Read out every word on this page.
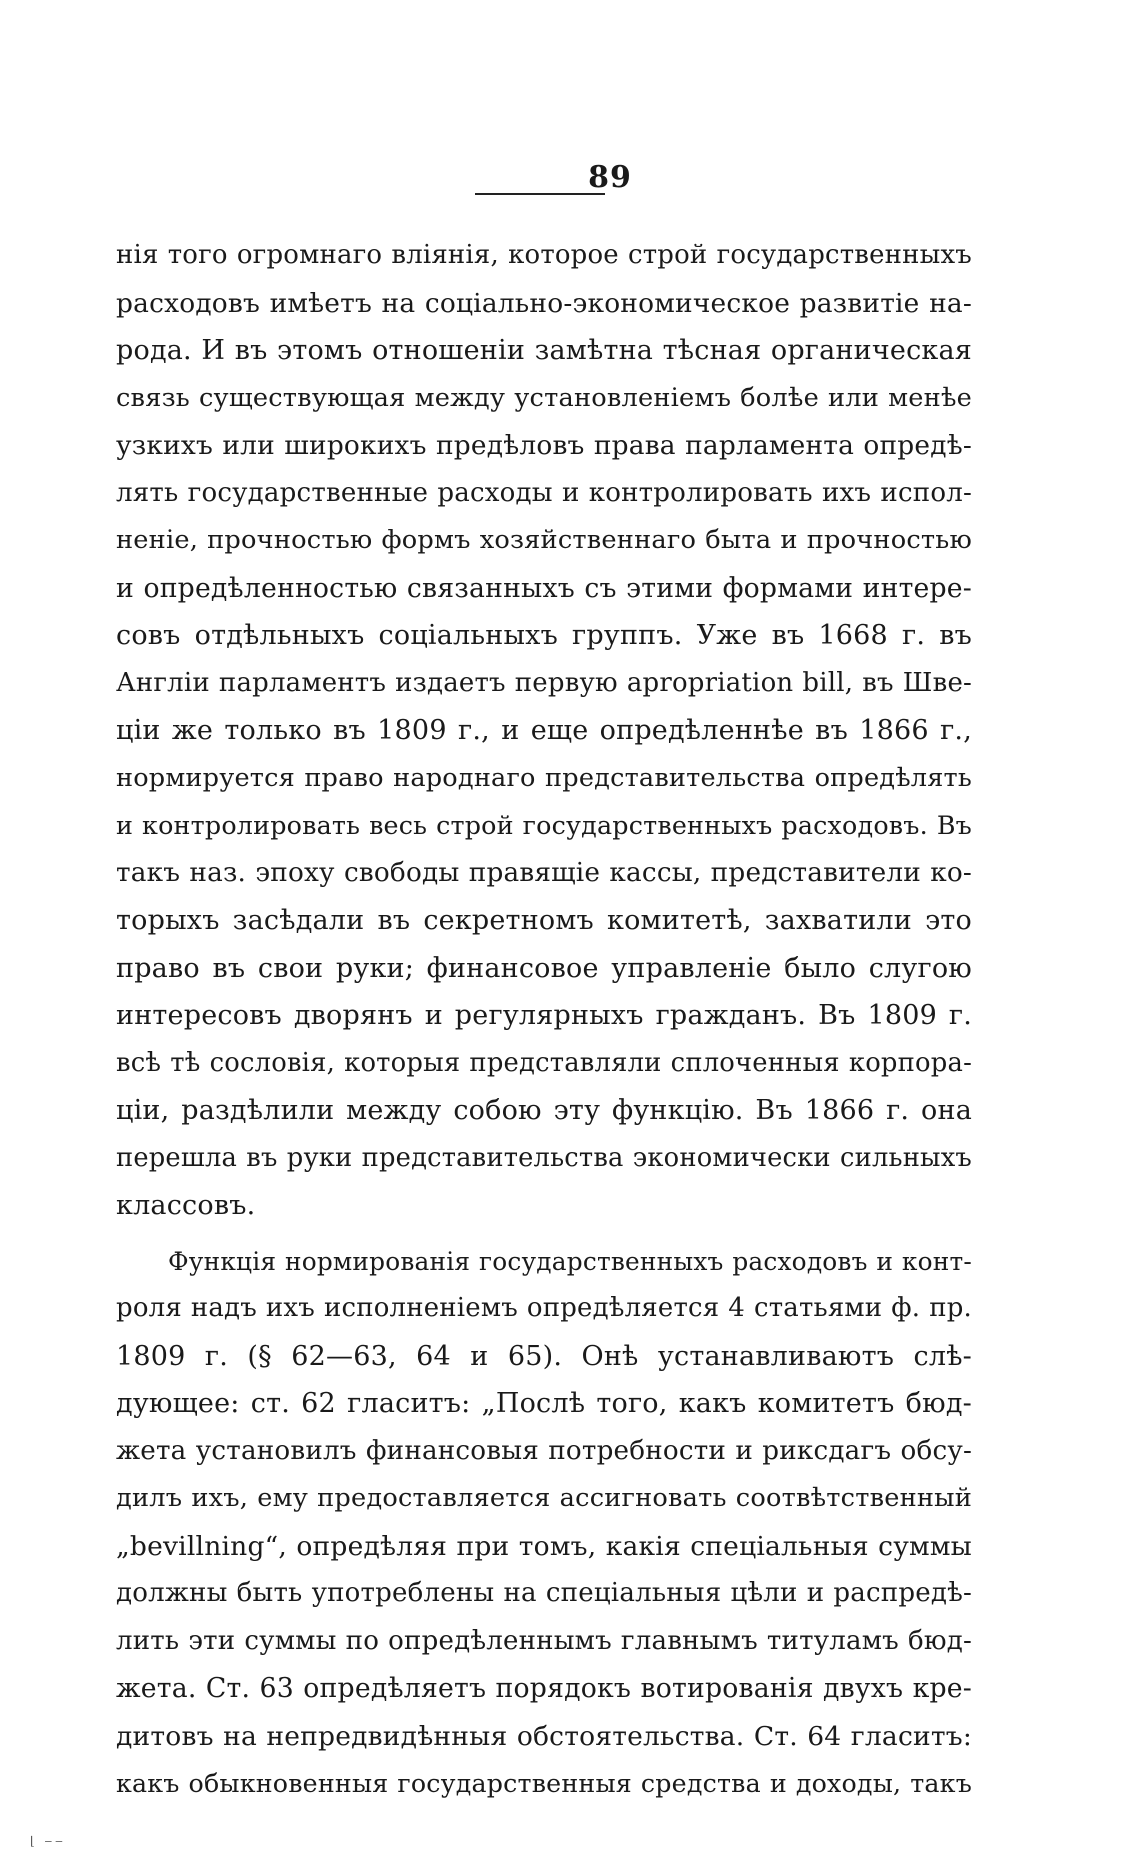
89
нія того огромнаго вліянія, которое строй государственныхъ
расходовъ имѣетъ на соціально-экономическое развитіе на-
рода. И въ этомъ отношеніи замѣтна тѣсная органическая
связь существующая между установленіемъ болѣе или менѣе
узкихъ или широкихъ предѣловъ права парламента опредѣ-
лять государственные расходы и контролировать ихъ испол-
неніе, прочностью формъ хозяйственнаго быта и прочностью
и опредѣленностью связанныхъ съ этими формами интере-
совъ отдѣльныхъ соціальныхъ группъ. Уже въ 1668 г. въ
Англіи парламентъ издаетъ первую apropriation bill, въ Шве-
ціи же только въ 1809 г., и еще опредѣленнѣе въ 1866 г.,
нормируется право народнаго представительства опредѣлять
и контролировать весь строй государственныхъ расходовъ. Въ
такъ наз. эпоху свободы правящіе кассы, представители ко-
торыхъ засѣдали въ секретномъ комитетѣ, захватили это
право въ свои руки; финансовое управленіе было слугою
интересовъ дворянъ и регулярныхъ гражданъ. Въ 1809 г.
всѣ тѣ сословія, которыя представляли сплоченныя корпора-
ціи, раздѣлили между собою эту функцію. Въ 1866 г. она
перешла въ руки представительства экономически сильныхъ
классовъ.
Функція нормированія государственныхъ расходовъ и конт-
роля надъ ихъ исполненіемъ опредѣляется 4 статьями ф. пр.
1809 г. (§ 62—63, 64 и 65). Онѣ устанавливаютъ слѣ-
дующее: ст. 62 гласитъ: „Послѣ того, какъ комитетъ бюд-
жета установилъ финансовыя потребности и риксдагъ обсу-
дилъ ихъ, ему предоставляется ассигновать соотвѣтственный
„bevillning“, опредѣляя при томъ, какія спеціальныя суммы
должны быть употреблены на спеціальныя цѣли и распредѣ-
лить эти суммы по опредѣленнымъ главнымъ титуламъ бюд-
жета. Ст. 63 опредѣляетъ порядокъ вотированія двухъ кре-
дитовъ на непредвидѣнныя обстоятельства. Ст. 64 гласитъ:
какъ обыкновенныя государственныя средства и доходы, такъ
⌊ ‒‒
